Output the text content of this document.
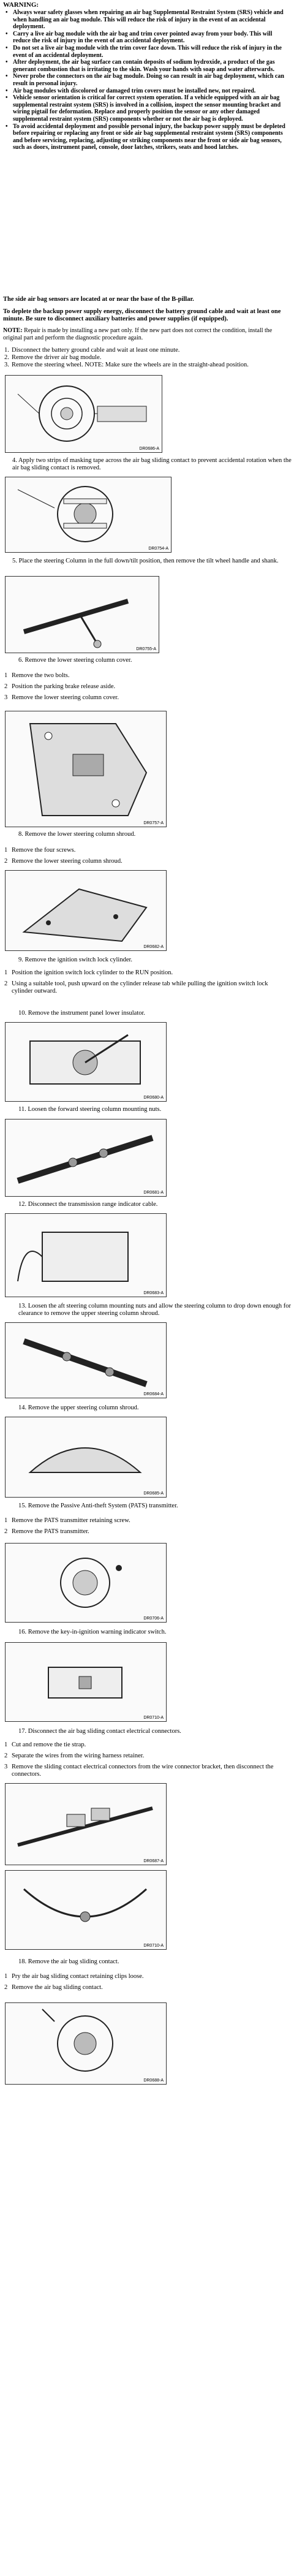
WARNING:
• Always wear safety glasses when repairing an air bag Supplemental Restraint System (SRS) vehicle and when handling an air bag module. This will reduce the risk of injury in the event of an accidental deployment.
• Carry a live air bag module with the air bag and trim cover pointed away from your body. This will reduce the risk of injury in the event of an accidental deployment.
• Do not set a live air bag module with the trim cover face down. This will reduce the risk of injury in the event of an accidental deployment.
• After deployment, the air bag surface can contain deposits of sodium hydroxide, a product of the gas generant combustion that is irritating to the skin. Wash your hands with soap and water afterwards.
• Never probe the connectors on the air bag module. Doing so can result in air bag deployment, which can result in personal injury.
• Air bag modules with discolored or damaged trim covers must be installed new, not repaired.
• Vehicle sensor orientation is critical for correct system operation. If a vehicle equipped with an air bag supplemental restraint system (SRS) is involved in a collision, inspect the sensor mounting bracket and wiring pigtail for deformation. Replace and properly position the sensor or any other damaged supplemental restraint system (SRS) components whether or not the air bag is deployed.
• To avoid accidental deployment and possible personal injury, the backup power supply must be depleted before repairing or replacing any front or side air bag supplemental restraint system (SRS) components and before servicing, replacing, adjusting or striking components near the front or side air bag sensors, such as doors, instrument panel, console, door latches, strikers, seats and hood latches.
The side air bag sensors are located at or near the base of the B-pillar.
To deplete the backup power supply energy, disconnect the battery ground cable and wait at least one minute. Be sure to disconnect auxiliary batteries and power supplies (if equipped).
NOTE: Repair is made by installing a new part only. If the new part does not correct the condition, install the original part and perform the diagnostic procedure again.
1. Disconnect the battery ground cable and wait at least one minute.
2. Remove the driver air bag module.
3. Remove the steering wheel. NOTE: Make sure the wheels are in the straight-ahead position.
DR0686-A
4. Apply two strips of masking tape across the air bag sliding contact to prevent accidental rotation when the air bag sliding contact is removed.
DR0754-A
5. Place the steering Column in the full down/tilt position, then remove the tilt wheel handle and shank.
DR0755-A
6. Remove the lower steering column cover.
1 Remove the two bolts.
2 Position the parking brake release aside.
3 Remove the lower steering column cover.
DR0757-A
8. Remove the lower steering column shroud.
1 Remove the four screws.
2 Remove the lower steering column shroud.
DR0682-A
9. Remove the ignition switch lock cylinder.
1 Position the ignition switch lock cylinder to the RUN position.
2 Using a suitable tool, push upward on the cylinder release tab while pulling the ignition switch lock cylinder outward.
10. Remove the instrument panel lower insulator.
DR0680-A
11. Loosen the forward steering column mounting nuts.
DR0681-A
12. Disconnect the transmission range indicator cable.
DR0683-A
13. Loosen the aft steering column mounting nuts and allow the steering column to drop down enough for clearance to remove the upper steering column shroud.
DR0684-A
14. Remove the upper steering column shroud.
DR0685-A
15. Remove the Passive Anti-theft System (PATS) transmitter.
1 Remove the PATS transmitter retaining screw.
2 Remove the PATS transmitter.
DR0706-A
16. Remove the key-in-ignition warning indicator switch.
DR0710-A
17. Disconnect the air bag sliding contact electrical connectors.
1 Cut and remove the tie strap.
2 Separate the wires from the wiring harness retainer.
3 Remove the sliding contact electrical connectors from the wire connector bracket, then disconnect the connectors.
DR0687-A
DR0710-A
18. Remove the air bag sliding contact.
1 Pry the air bag sliding contact retaining clips loose.
2 Remove the air bag sliding contact.
DR0688-A
